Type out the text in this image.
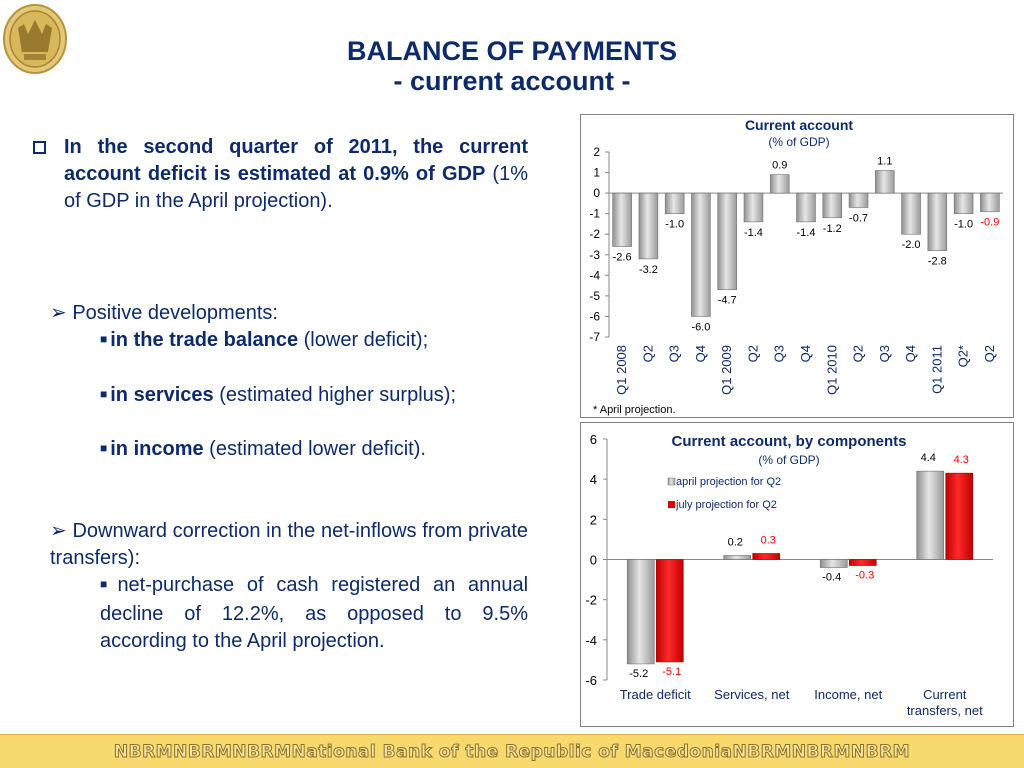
BALANCE OF PAYMENTS
- current account -
In the second quarter of 2011, the current account deficit is estimated at 0.9% of GDP (1% of GDP in the April projection).
➢ Positive developments:
■ in the trade balance (lower deficit);
■ in services (estimated higher surplus);
■ in income (estimated lower deficit).
➢ Downward correction in the net-inflows from private transfers):
■ net-purchase of cash registered an annual decline of 12.2%, as opposed to 9.5% according to the April projection.
Current account
(% of GDP)
2
1
0
-1
-2
-3
-4
-5
-6
-7
-2.6
-3.2
-1.0
-6.0
-4.7
-1.4
0.9
-1.4 -1.2
-0.7
1.1
-2.0
-2.8
-1.0 -0.9
Q1 2008 Q2 Q3 Q4 Q1 2009 Q2 Q3 Q4 Q1 2010 Q2 Q3 Q4 Q1 2011 Q2* Q2
* April projection.
Current account, by components
(% of GDP)
6
4
2
0
-2
-4
-6	-5.2 -5.1
0.2 0.3
-0.4 -0.3
4.4 4.3
Trade deficit Services, net Income, net	Current transfers, net
april projection for Q2
july projection for Q2
NBRMNBRMNBRMNational Bank of the Republic of MacedoniaNBRMNBRMNBRM
